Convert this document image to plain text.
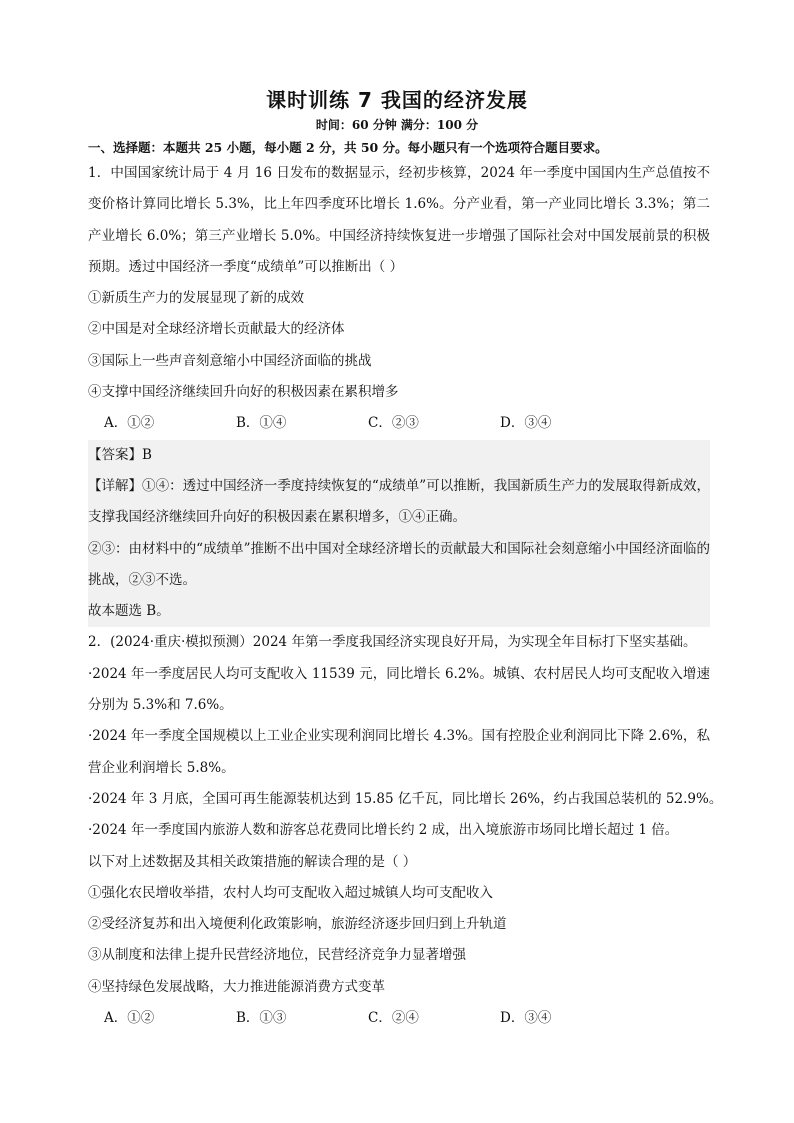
课时训练 7 我国的经济发展
时间：60 分钟 满分：100 分
一、选择题：本题共 25 小题，每小题 2 分，共 50 分。每小题只有一个选项符合题目要求。

1．中国国家统计局于 4 月 16 日发布的数据显示，经初步核算，2024 年一季度中国国内生产总值按不变价格计算同比增长 5.3%，比上年四季度环比增长 1.6%。分产业看，第一产业同比增长 3.3%；第二产业增长 6.0%；第三产业增长 5.0%。中国经济持续恢复进一步增强了国际社会对中国发展前景的积极预期。透过中国经济一季度“成绩单”可以推断出（ ）

①新质生产力的发展显现了新的成效

②中国是对全球经济增长贡献最大的经济体

③国际上一些声音刻意缩小中国经济面临的挑战

④支撑中国经济继续回升向好的积极因素在累积增多

A．①②	B．①④	C．②③	D．③④

【答案】B

【详解】①④：透过中国经济一季度持续恢复的“成绩单”可以推断，我国新质生产力的发展取得新成效，支撑我国经济继续回升向好的积极因素在累积增多，①④正确。

②③：由材料中的“成绩单”推断不出中国对全球经济增长的贡献最大和国际社会刻意缩小中国经济面临的挑战，②③不选。

故本题选 B。

2．(2024·重庆·模拟预测）2024 年第一季度我国经济实现良好开局，为实现全年目标打下坚实基础。

·2024 年一季度居民人均可支配收入 11539 元，同比增长 6.2%。城镇、农村居民人均可支配收入增速分别为 5.3%和 7.6%。

·2024 年一季度全国规模以上工业企业实现利润同比增长 4.3%。国有控股企业利润同比下降 2.6%，私营企业利润增长 5.8%。

·2024 年 3 月底，全国可再生能源装机达到 15.85 亿千瓦，同比增长 26%，约占我国总装机的 52.9%。

·2024 年一季度国内旅游人数和游客总花费同比增长约 2 成，出入境旅游市场同比增长超过 1 倍。

以下对上述数据及其相关政策措施的解读合理的是（ ）

①强化农民增收举措，农村人均可支配收入超过城镇人均可支配收入

②受经济复苏和出入境便利化政策影响，旅游经济逐步回归到上升轨道

③从制度和法律上提升民营经济地位，民营经济竞争力显著增强

④坚持绿色发展战略，大力推进能源消费方式变革

A．①②	B．①③	C．②④	D．③④
